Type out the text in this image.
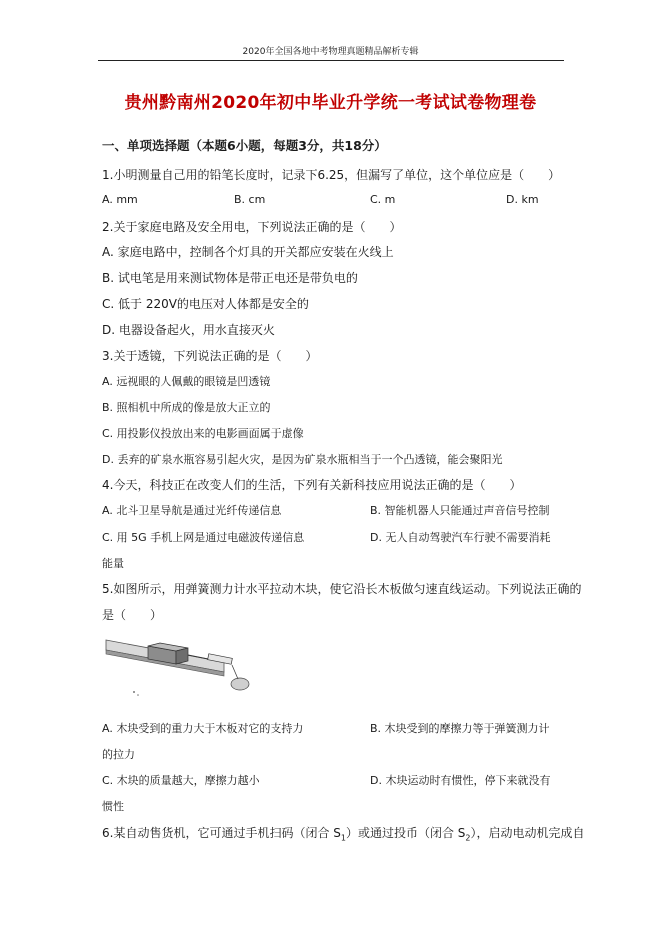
2020年全国各地中考物理真题精品解析专辑
贵州黔南州2020年初中毕业升学统一考试试卷物理卷
一、单项选择题（本题6小题，每题3分，共18分）
1.小明测量自己用的铅笔长度时，记录下6.25，但漏写了单位，这个单位应是（　　）
A. mm	B. cm	C. m	D. km
2.关于家庭电路及安全用电，下列说法正确的是（　　）
A. 家庭电路中，控制各个灯具的开关都应安装在火线上
B. 试电笔是用来测试物体是带正电还是带负电的
C. 低于 220V的电压对人体都是安全的
D. 电器设备起火，用水直接灭火
3.关于透镜，下列说法正确的是（　　）
A. 远视眼的人佩戴的眼镜是凹透镜
B. 照相机中所成的像是放大正立的
C. 用投影仪投放出来的电影画面属于虚像
D. 丢弃的矿泉水瓶容易引起火灾，是因为矿泉水瓶相当于一个凸透镜，能会聚阳光
4.今天，科技正在改变人们的生活，下列有关新科技应用说法正确的是（　　）
A. 北斗卫星导航是通过光纤传递信息	B. 智能机器人只能通过声音信号控制
C. 用 5G 手机上网是通过电磁波传递信息	D. 无人自动驾驶汽车行驶不需要消耗
能量
5.如图所示，用弹簧测力计水平拉动木块，使它沿长木板做匀速直线运动。下列说法正确的
是（　　）
A. 木块受到的重力大于木板对它的支持力	B. 木块受到的摩擦力等于弹簧测力计
的拉力
C. 木块的质量越大，摩擦力越小	D. 木块运动时有惯性，停下来就没有
惯性
6.某自动售货机，它可通过手机扫码（闭合 $S_1$）或通过投币（闭合 $S_2$），启动电动机完成自
